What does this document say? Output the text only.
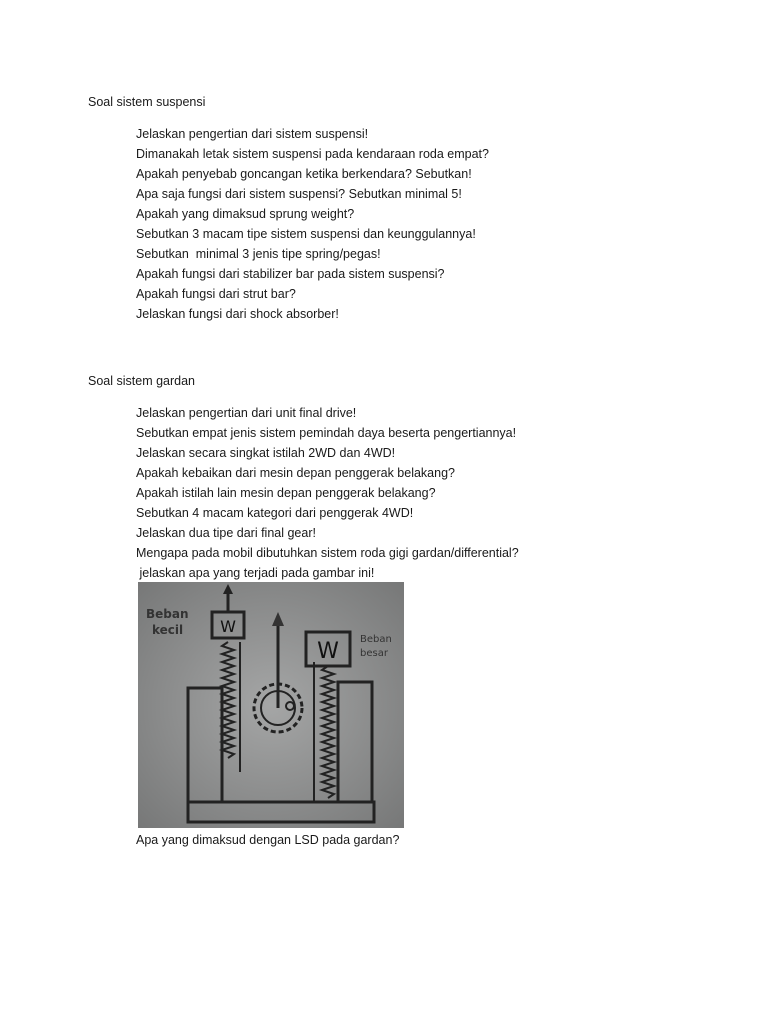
Soal sistem suspensi

Jelaskan pengertian dari sistem suspensi!
Dimanakah letak sistem suspensi pada kendaraan roda empat?
Apakah penyebab goncangan ketika berkendara? Sebutkan!
Apa saja fungsi dari sistem suspensi? Sebutkan minimal 5!
Apakah yang dimaksud sprung weight?
Sebutkan 3 macam tipe sistem suspensi dan keunggulannya!
Sebutkan  minimal 3 jenis tipe spring/pegas!
Apakah fungsi dari stabilizer bar pada sistem suspensi?
Apakah fungsi dari strut bar?
Jelaskan fungsi dari shock absorber!

Soal sistem gardan

Jelaskan pengertian dari unit final drive!
Sebutkan empat jenis sistem pemindah daya beserta pengertiannya!
Jelaskan secara singkat istilah 2WD dan 4WD!
Apakah kebaikan dari mesin depan penggerak belakang?
Apakah istilah lain mesin depan penggerak belakang?
Sebutkan 4 macam kategori dari penggerak 4WD!
Jelaskan dua tipe dari final gear!
Mengapa pada mobil dibutuhkan sistem roda gigi gardan/differential?
jelaskan apa yang terjadi pada gambar ini!
W
W
Beban
kecil
Beban
besar
Apa yang dimaksud dengan LSD pada gardan?
